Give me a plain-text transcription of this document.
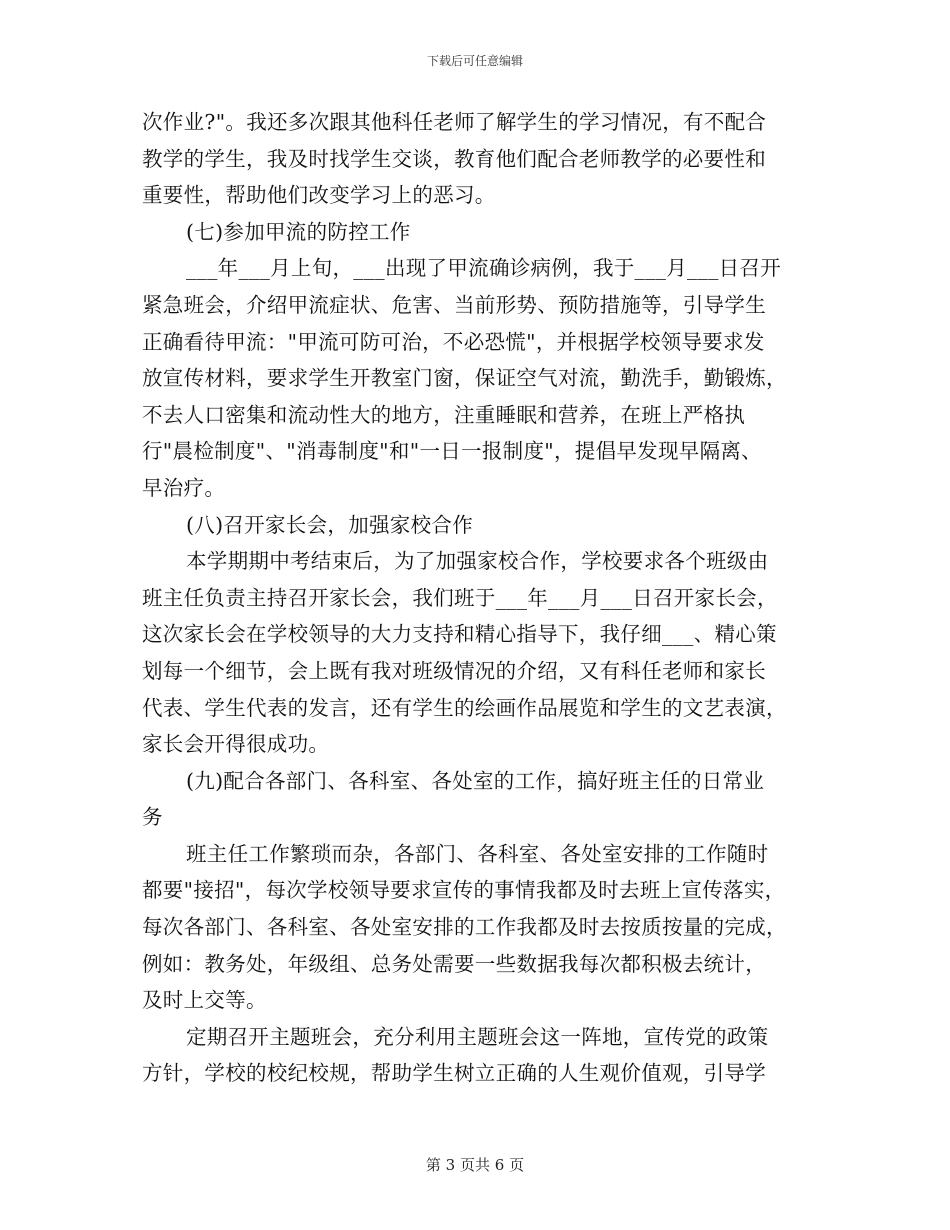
下载后可任意编辑
次作业?"。我还多次跟其他科任老师了解学生的学习情况，有不配合
教学的学生，我及时找学生交谈，教育他们配合老师教学的必要性和
重要性，帮助他们改变学习上的恶习。
(七)参加甲流的防控工作
___年___月上旬，___出现了甲流确诊病例，我于___月___日召开
紧急班会，介绍甲流症状、危害、当前形势、预防措施等，引导学生
正确看待甲流："甲流可防可治，不必恐慌"，并根据学校领导要求发
放宣传材料，要求学生开教室门窗，保证空气对流，勤洗手，勤锻炼，
不去人口密集和流动性大的地方，注重睡眠和营养，在班上严格执
行"晨检制度"、"消毒制度"和"一日一报制度"，提倡早发现早隔离、
早治疗。
(八)召开家长会，加强家校合作
本学期期中考结束后，为了加强家校合作，学校要求各个班级由
班主任负责主持召开家长会，我们班于___年___月___日召开家长会，
这次家长会在学校领导的大力支持和精心指导下，我仔细___、精心策
划每一个细节，会上既有我对班级情况的介绍，又有科任老师和家长
代表、学生代表的发言，还有学生的绘画作品展览和学生的文艺表演，
家长会开得很成功。
(九)配合各部门、各科室、各处室的工作，搞好班主任的日常业
务
班主任工作繁琐而杂，各部门、各科室、各处室安排的工作随时
都要"接招"，每次学校领导要求宣传的事情我都及时去班上宣传落实，
每次各部门、各科室、各处室安排的工作我都及时去按质按量的完成，
例如：教务处，年级组、总务处需要一些数据我每次都积极去统计，
及时上交等。
定期召开主题班会，充分利用主题班会这一阵地，宣传党的政策
方针，学校的校纪校规，帮助学生树立正确的人生观价值观，引导学
第 3 页共 6 页
